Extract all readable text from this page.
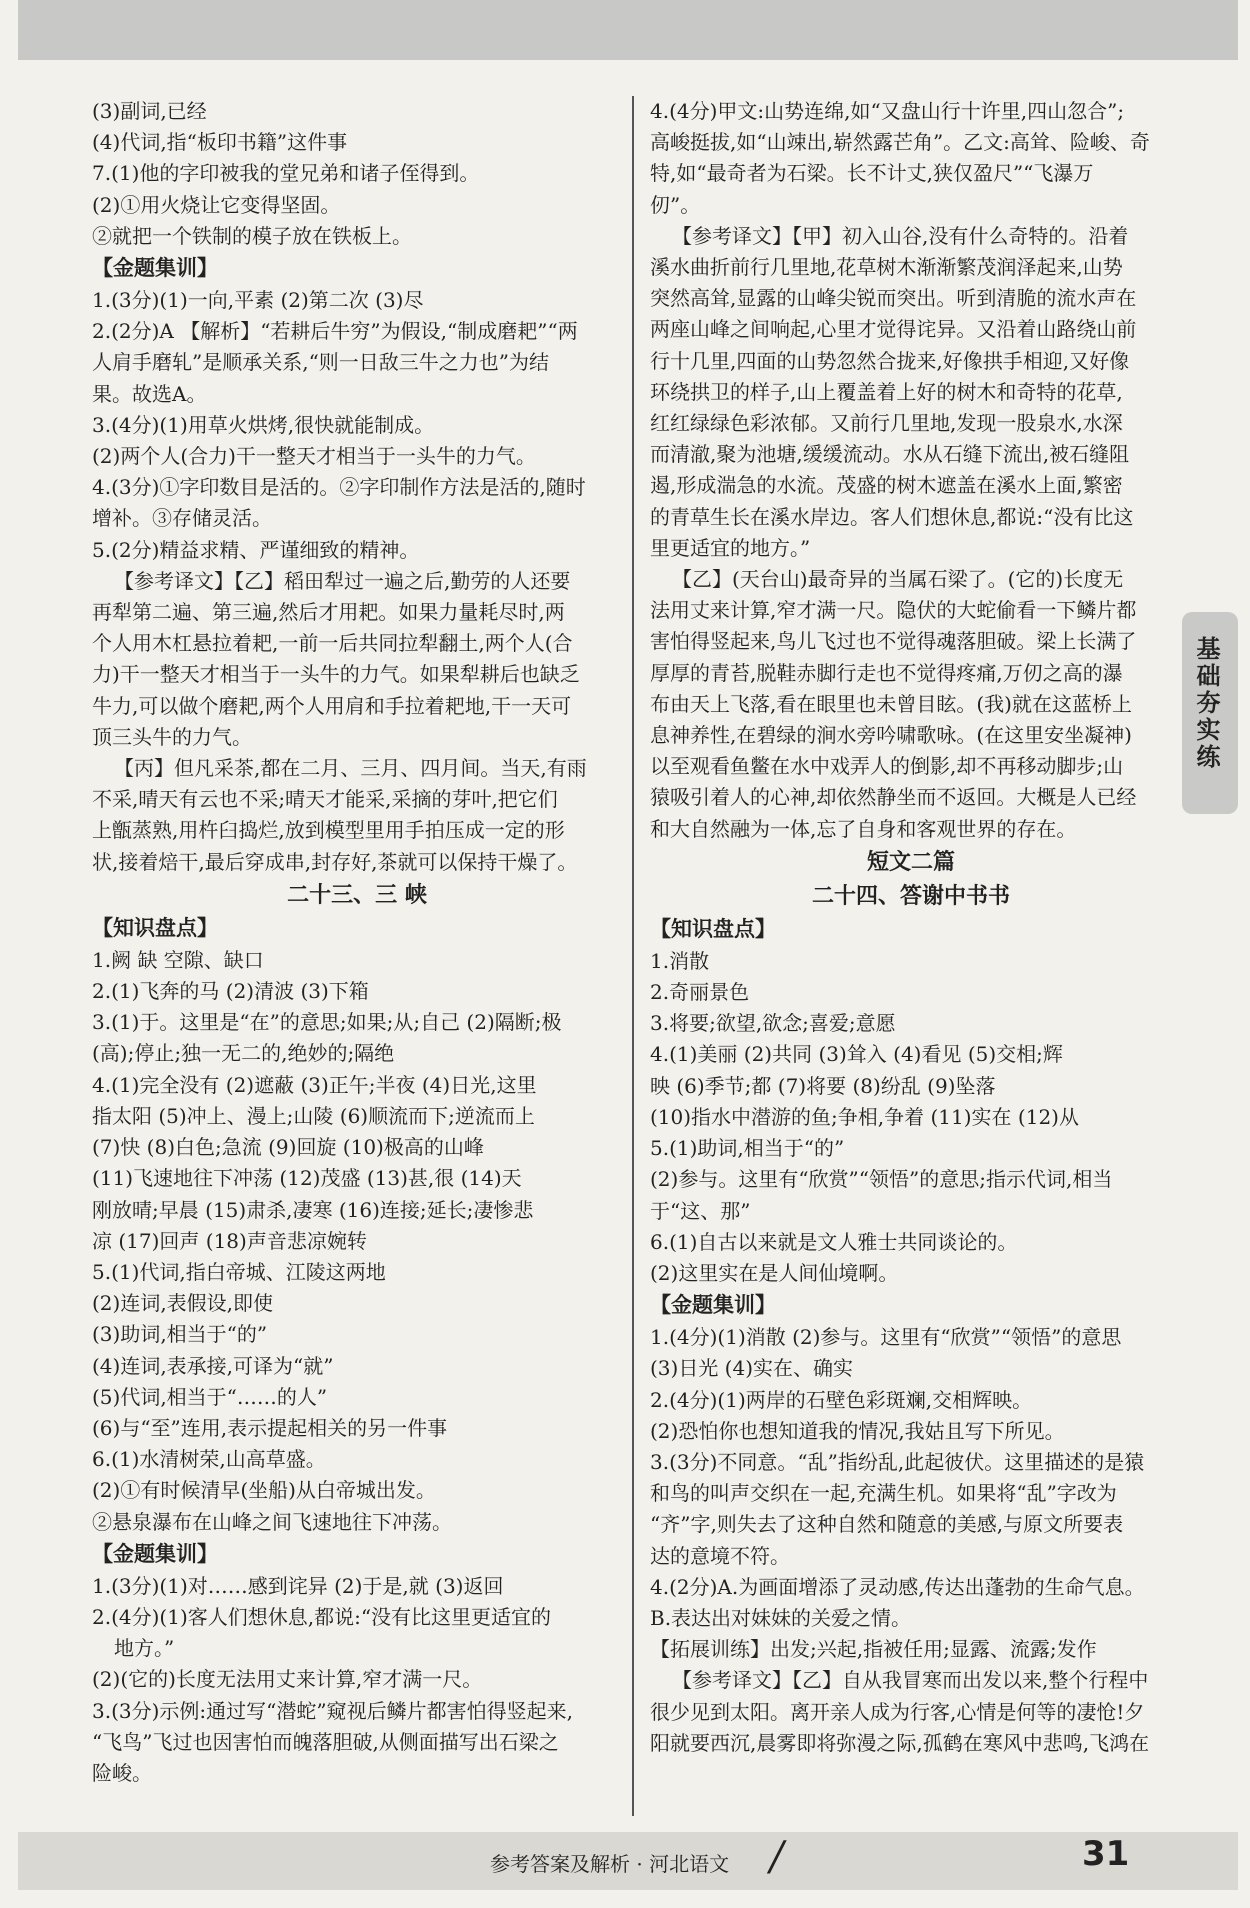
(3)副词,已经
(4)代词,指“板印书籍”这件事
7.(1)他的字印被我的堂兄弟和诸子侄得到。
(2)①用火烧让它变得坚固。
②就把一个铁制的模子放在铁板上。
【金题集训】
1.(3分)(1)一向,平素 (2)第二次 (3)尽
2.(2分)A 【解析】“若耕后牛穷”为假设,“制成磨耙”“两
人肩手磨轧”是顺承关系,“则一日敌三牛之力也”为结
果。故选A。
3.(4分)(1)用草火烘烤,很快就能制成。
(2)两个人(合力)干一整天才相当于一头牛的力气。
4.(3分)①字印数目是活的。②字印制作方法是活的,随时
增补。③存储灵活。
5.(2分)精益求精、严谨细致的精神。
【参考译文】【乙】稻田犁过一遍之后,勤劳的人还要
再犁第二遍、第三遍,然后才用耙。如果力量耗尽时,两
个人用木杠悬拉着耙,一前一后共同拉犁翻土,两个人(合
力)干一整天才相当于一头牛的力气。如果犁耕后也缺乏
牛力,可以做个磨耙,两个人用肩和手拉着耙地,干一天可
顶三头牛的力气。
【丙】但凡采茶,都在二月、三月、四月间。当天,有雨
不采,晴天有云也不采;晴天才能采,采摘的芽叶,把它们
上甑蒸熟,用杵臼捣烂,放到模型里用手拍压成一定的形
状,接着焙干,最后穿成串,封存好,茶就可以保持干燥了。
二十三、三 峡
【知识盘点】
1.阙 缺 空隙、缺口
2.(1)飞奔的马 (2)清波 (3)下箱
3.(1)于。这里是“在”的意思;如果;从;自己 (2)隔断;极
(高);停止;独一无二的,绝妙的;隔绝
4.(1)完全没有 (2)遮蔽 (3)正午;半夜 (4)日光,这里
指太阳 (5)冲上、漫上;山陵 (6)顺流而下;逆流而上
(7)快 (8)白色;急流 (9)回旋 (10)极高的山峰
(11)飞速地往下冲荡 (12)茂盛 (13)甚,很 (14)天
刚放晴;早晨 (15)肃杀,凄寒 (16)连接;延长;凄惨悲
凉 (17)回声 (18)声音悲凉婉转
5.(1)代词,指白帝城、江陵这两地
(2)连词,表假设,即使
(3)助词,相当于“的”
(4)连词,表承接,可译为“就”
(5)代词,相当于“……的人”
(6)与“至”连用,表示提起相关的另一件事
6.(1)水清树荣,山高草盛。
(2)①有时候清早(坐船)从白帝城出发。
②悬泉瀑布在山峰之间飞速地往下冲荡。
【金题集训】
1.(3分)(1)对……感到诧异 (2)于是,就 (3)返回
2.(4分)(1)客人们想休息,都说:“没有比这里更适宜的
地方。”
(2)(它的)长度无法用丈来计算,窄才满一尺。
3.(3分)示例:通过写“潜蛇”窥视后鳞片都害怕得竖起来,
“飞鸟”飞过也因害怕而魄落胆破,从侧面描写出石梁之
险峻。
4.(4分)甲文:山势连绵,如“又盘山行十许里,四山忽合”;
高峻挺拔,如“山竦出,崭然露芒角”。乙文:高耸、险峻、奇
特,如“最奇者为石梁。长不计丈,狭仅盈尺”“飞瀑万
仞”。
【参考译文】【甲】初入山谷,没有什么奇特的。沿着
溪水曲折前行几里地,花草树木渐渐繁茂润泽起来,山势
突然高耸,显露的山峰尖锐而突出。听到清脆的流水声在
两座山峰之间响起,心里才觉得诧异。又沿着山路绕山前
行十几里,四面的山势忽然合拢来,好像拱手相迎,又好像
环绕拱卫的样子,山上覆盖着上好的树木和奇特的花草,
红红绿绿色彩浓郁。又前行几里地,发现一股泉水,水深
而清澈,聚为池塘,缓缓流动。水从石缝下流出,被石缝阻
遏,形成湍急的水流。茂盛的树木遮盖在溪水上面,繁密
的青草生长在溪水岸边。客人们想休息,都说:“没有比这
里更适宜的地方。”
【乙】(天台山)最奇异的当属石梁了。(它的)长度无
法用丈来计算,窄才满一尺。隐伏的大蛇偷看一下鳞片都
害怕得竖起来,鸟儿飞过也不觉得魂落胆破。梁上长满了
厚厚的青苔,脱鞋赤脚行走也不觉得疼痛,万仞之高的瀑
布由天上飞落,看在眼里也未曾目眩。(我)就在这蓝桥上
息神养性,在碧绿的涧水旁吟啸歌咏。(在这里安坐凝神)
以至观看鱼鳖在水中戏弄人的倒影,却不再移动脚步;山
猿吸引着人的心神,却依然静坐而不返回。大概是人已经
和大自然融为一体,忘了自身和客观世界的存在。
短文二篇
二十四、答谢中书书
【知识盘点】
1.消散
2.奇丽景色
3.将要;欲望,欲念;喜爱;意愿
4.(1)美丽 (2)共同 (3)耸入 (4)看见 (5)交相;辉
映 (6)季节;都 (7)将要 (8)纷乱 (9)坠落
(10)指水中潜游的鱼;争相,争着 (11)实在 (12)从
5.(1)助词,相当于“的”
(2)参与。这里有“欣赏”“领悟”的意思;指示代词,相当
于“这、那”
6.(1)自古以来就是文人雅士共同谈论的。
(2)这里实在是人间仙境啊。
【金题集训】
1.(4分)(1)消散 (2)参与。这里有“欣赏”“领悟”的意思
(3)日光 (4)实在、确实
2.(4分)(1)两岸的石壁色彩斑斓,交相辉映。
(2)恐怕你也想知道我的情况,我姑且写下所见。
3.(3分)不同意。“乱”指纷乱,此起彼伏。这里描述的是猿
和鸟的叫声交织在一起,充满生机。如果将“乱”字改为
“齐”字,则失去了这种自然和随意的美感,与原文所要表
达的意境不符。
4.(2分)A.为画面增添了灵动感,传达出蓬勃的生命气息。
B.表达出对妹妹的关爱之情。
【拓展训练】出发;兴起,指被任用;显露、流露;发作
【参考译文】【乙】自从我冒寒而出发以来,整个行程中
很少见到太阳。离开亲人成为行客,心情是何等的凄怆!夕
阳就要西沉,晨雾即将弥漫之际,孤鹤在寒风中悲鸣,飞鸿在
基础夯实练
参考答案及解析 · 河北语文 /	31
